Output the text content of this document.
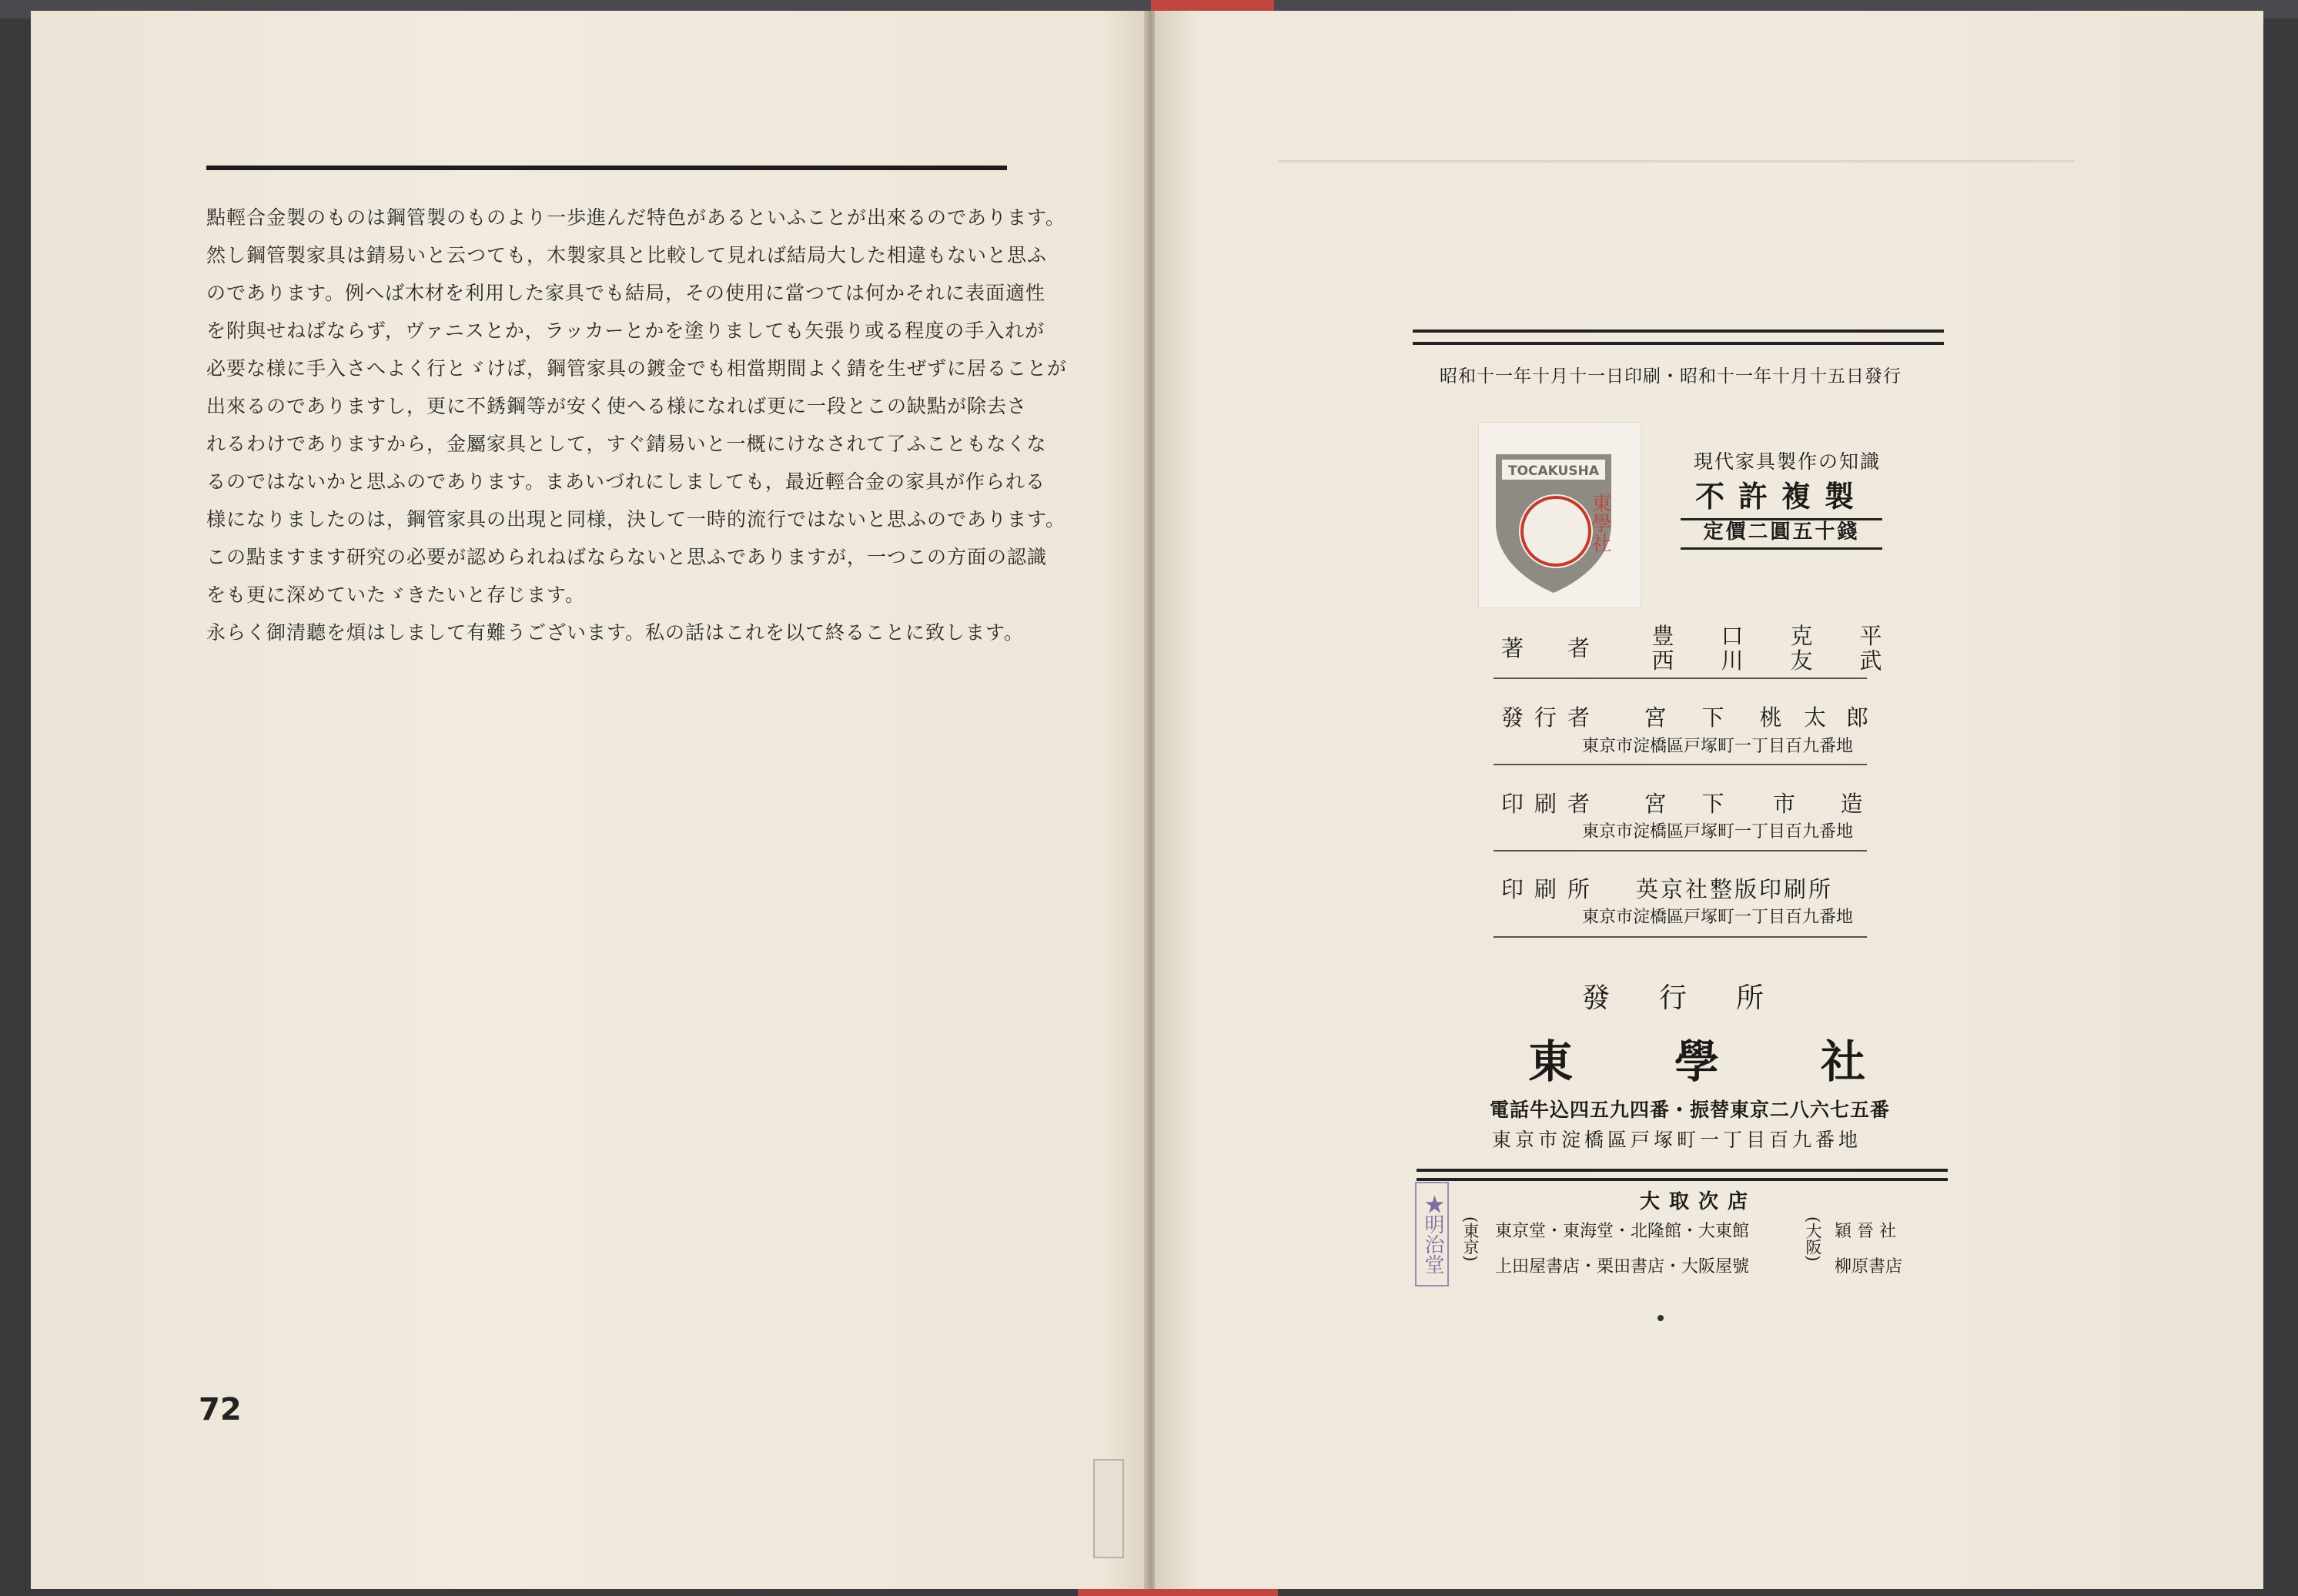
點輕合金製のものは鋼管製のものより一歩進んだ特色があるといふことが出來るのであります。
然し鋼管製家具は錆易いと云つても，木製家具と比較して見れば結局大した相違もないと思ふ
のであります。例へば木材を利用した家具でも結局，その使用に當つては何かそれに表面適性
を附與せねばならず，ヴァニスとか，ラッカーとかを塗りましても矢張り或る程度の手入れが
必要な様に手入さへよく行とゞけば，鋼管家具の鍍金でも相當期間よく錆を生ぜずに居ることが
出來るのでありますし，更に不銹鋼等が安く使へる様になれば更に一段とこの缺點が除去さ
れるわけでありますから，金屬家具として，すぐ錆易いと一概にけなされて了ふこともなくな
るのではないかと思ふのであります。まあいづれにしましても，最近輕合金の家具が作られる
様になりましたのは，鋼管家具の出現と同様，決して一時的流行ではないと思ふのであります。
この點ますます研究の必要が認められねばならないと思ふでありますが，一つこの方面の認識
をも更に深めていたゞきたいと存じます。
永らく御清聽を煩はしまして有難うございます。私の話はこれを以て終ることに致します。
72
昭和十一年十月十一日印刷・昭和十一年十月十五日發行
TOCAKUSHA
東學社
現代家具製作の知識
不許複製
定價二圓五十錢
著　者	豊	口	克	平
西	川	友	武
發行者	宮	下	桃 太 郎
東京市淀橋區戸塚町一丁目百九番地
印刷者	宮	下	市	造
東京市淀橋區戸塚町一丁目百九番地
印刷所 英京社整版印刷所
東京市淀橋區戸塚町一丁目百九番地
發行所
東學社
電話牛込四五九四番・振替東京二八六七五番
東京市淀橋區戸塚町一丁目百九番地
★明治堂	大取次店
(東京) 東京堂・東海堂・北隆館・大東館
上田屋書店・栗田書店・大阪屋號
(大阪) 穎 晉 社
柳原書店
